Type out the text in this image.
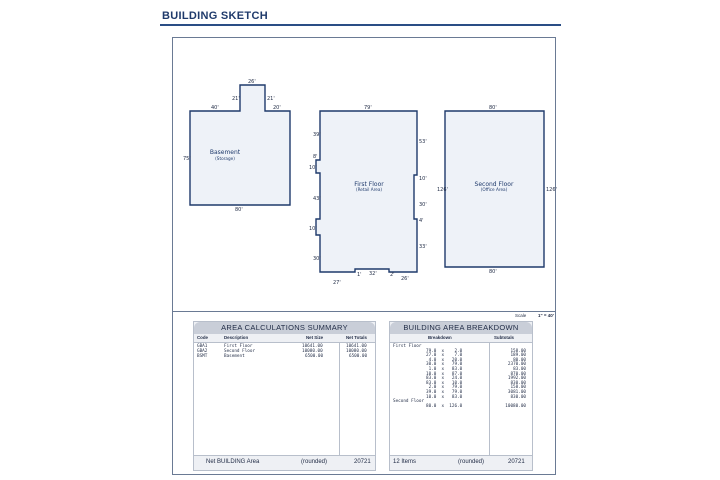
BUILDING SKETCH
40'
21'
26'
21'
20'
75'
80'
Basement
(Storage)
79'
39'
8'
10'
43'
10'
30'
53'
10'
30'
4'
33'
27'
1' 32'	2'
26'
First Floor
(Retail Area)
80'
126'	126'
80'
Second Floor
(Office Area)
Scale	1" = 40'
AREA CALCULATIONS SUMMARY
Code	Description	Net Size	Net Totals
GBA1	First Floor	10641.00	10641.00
GBA2	Second Floor	10080.00	10080.00
BSMT	Basement	6500.00	6500.00
Net BUILDING Area	(rounded)	20721
BUILDING AREA BREAKDOWN
Breakdown	Subtotals
First Floor
79.0  x    2.0	158.00
27.0  x    7.0	189.00
4.0  x   20.0	80.00
30.0  x   79.0	2370.00
1.0  x   83.0	83.00
10.0  x   87.0	870.00
83.0  x   24.0	1992.00
83.0  x   10.0	830.00
2.0  x   79.0	158.00
39.0  x   79.0	3081.00
10.0  x   83.0	830.00
Second Floor
80.0  x  126.0	10080.00
12 Items	(rounded)	20721
